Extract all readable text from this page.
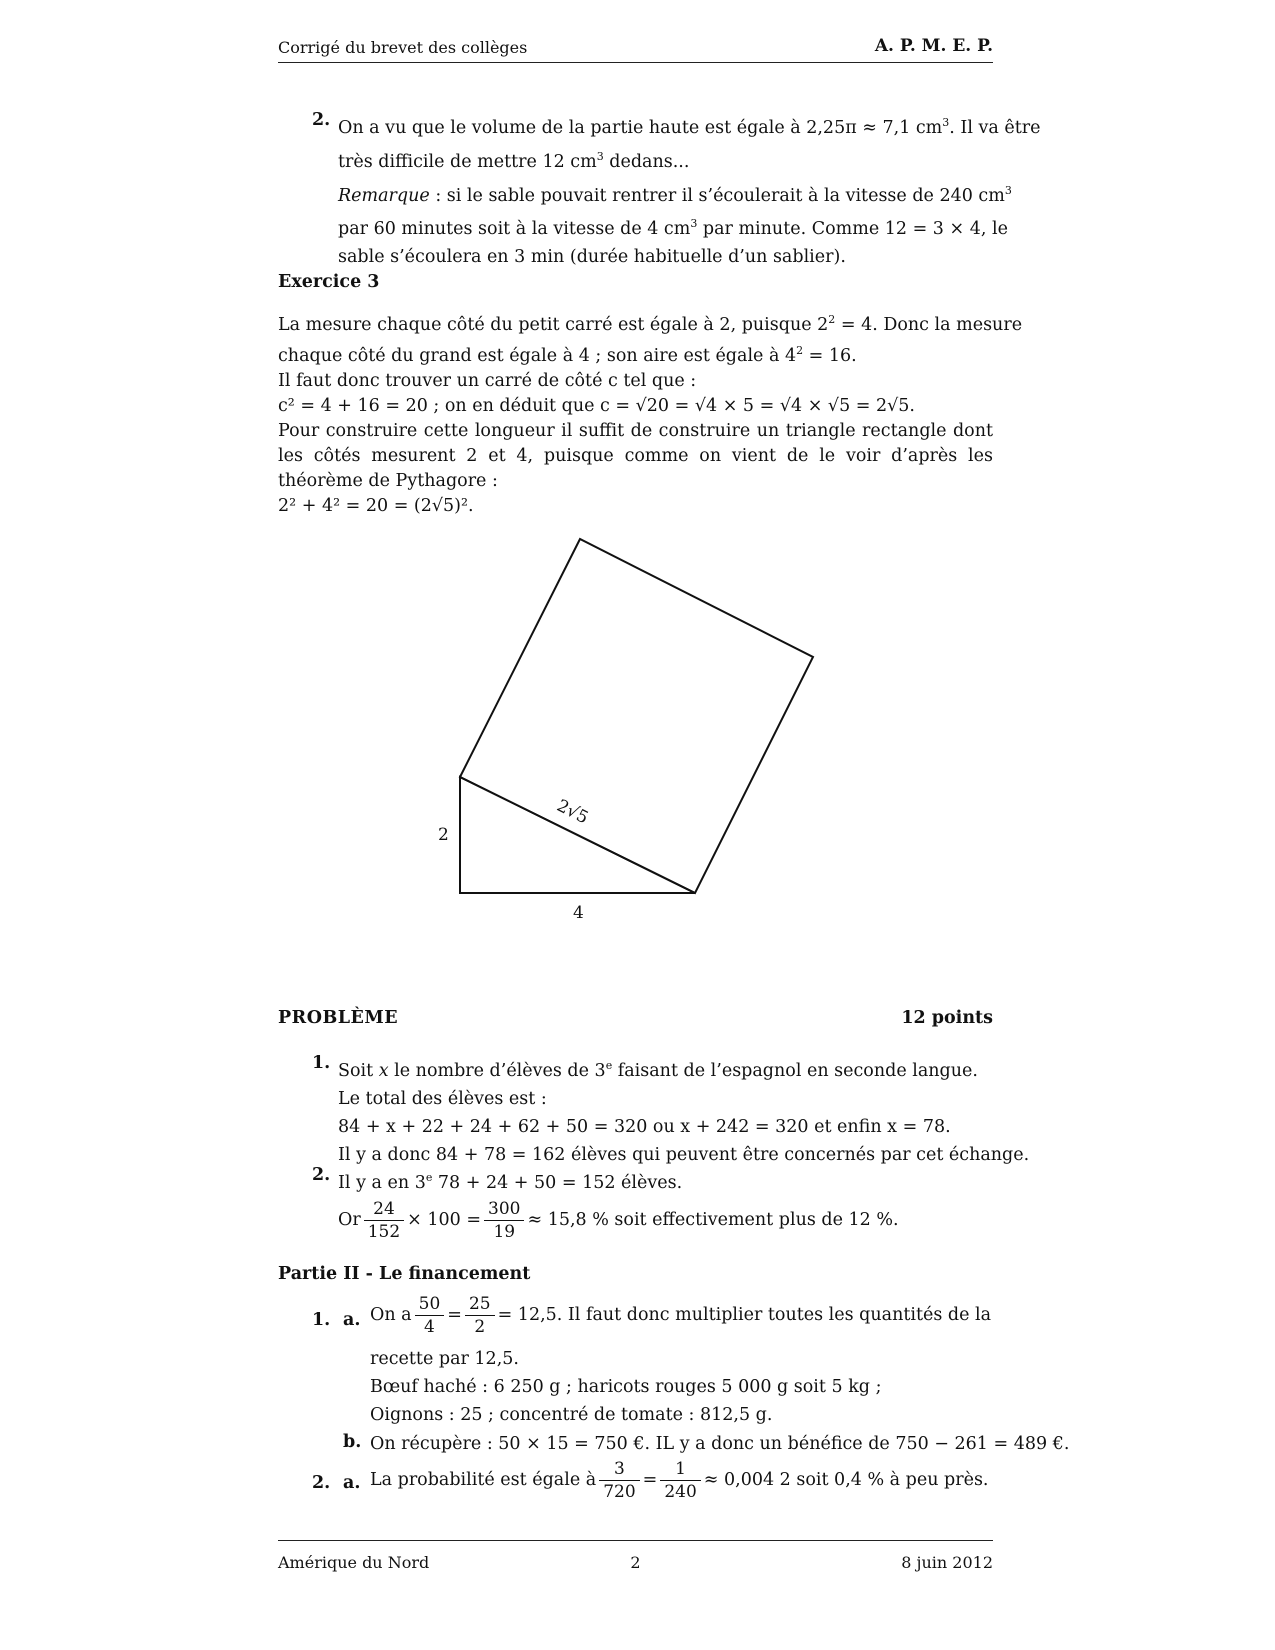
Corrigé du brevet des collèges	A. P. M. E. P.
2. On a vu que le volume de la partie haute est égale à 2,25π ≈ 7,1 $cm^3$. Il va être
très difficile de mettre 12 $cm^3$ dedans...
Remarque : si le sable pouvait rentrer il s’écoulerait à la vitesse de 240 $cm^3$
par 60 minutes soit à la vitesse de 4 $cm^3$ par minute. Comme 12 = 3 × 4, le
sable s’écoulera en 3 min (durée habituelle d’un sablier).
Exercice 3
La mesure chaque côté du petit carré est égale à 2, puisque $2^2 = 4$. Donc la mesure
chaque côté du grand est égale à 4 ; son aire est égale à $4^2 = 16$.
Il faut donc trouver un carré de côté c tel que :
c² = 4 + 16 = 20 ; on en déduit que c = √20 = √4 × 5 = √4 × √5 = 2√5.
Pour construire cette longueur il suffit de construire un triangle rectangle dont les côtés mesurent 2 et 4, puisque comme on vient de le voir d’après les théorème de Pythagore :
2² + 4² = 20 = (2√5)².
2
4
2√5
PROBLÈME	12 points
1. Soit x le nombre d’élèves de 3e faisant de l’espagnol en seconde langue.
Le total des élèves est :
84 + x + 22 + 24 + 62 + 50 = 320 ou x + 242 = 320 et enfin x = 78.
Il y a donc 84 + 78 = 162 élèves qui peuvent être concernés par cet échange.
2. Il y a en 3e 78 + 24 + 50 = 152 élèves.
Or $\frac{24}{152} \times 100 = \frac{300}{19} \approx 15,8$ % soit effectivement plus de 12 %.
Partie II - Le financement
1. a. On a $\frac{50}{4} = \frac{25}{2} = 12,5$. Il faut donc multiplier toutes les quantités de la
recette par 12,5.
Bœuf haché : 6 250 g ; haricots rouges 5 000 g soit 5 kg ;
Oignons : 25 ; concentré de tomate : 812,5 g.
b. On récupère : 50 × 15 = 750 €. IL y a donc un bénéfice de 750 − 261 = 489 €.
2. a. La probabilité est égale à $\frac{3}{720} = \frac{1}{240} \approx 0,004$ 2 soit 0,4 % à peu près.
Amérique du Nord	2	8 juin 2012
